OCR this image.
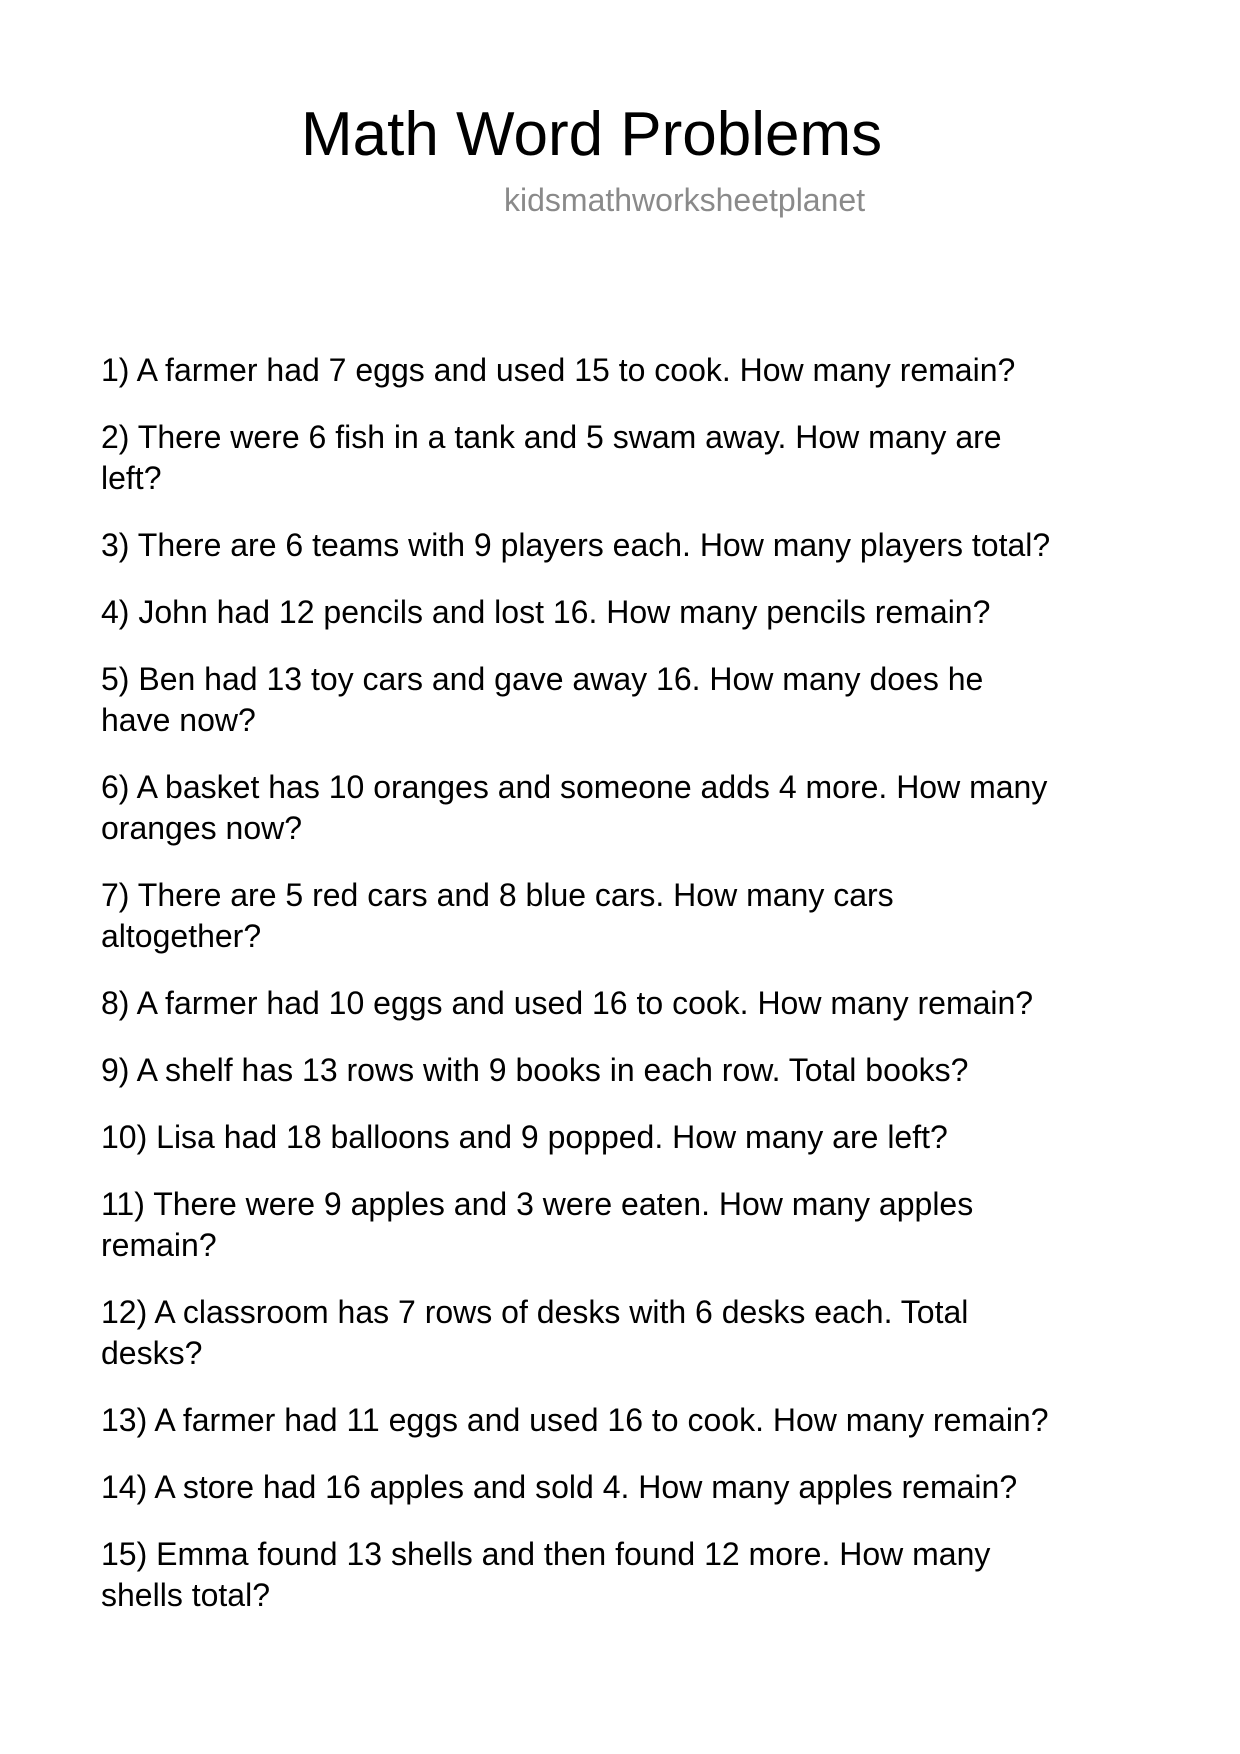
Math Word Problems
kidsmathworksheetplanet
1) A farmer had 7 eggs and used 15 to cook. How many remain?
2) There were 6 fish in a tank and 5 swam away. How many are
left?
3) There are 6 teams with 9 players each. How many players total?
4) John had 12 pencils and lost 16. How many pencils remain?
5) Ben had 13 toy cars and gave away 16. How many does he
have now?
6) A basket has 10 oranges and someone adds 4 more. How many
oranges now?
7) There are 5 red cars and 8 blue cars. How many cars
altogether?
8) A farmer had 10 eggs and used 16 to cook. How many remain?
9) A shelf has 13 rows with 9 books in each row. Total books?
10) Lisa had 18 balloons and 9 popped. How many are left?
11) There were 9 apples and 3 were eaten. How many apples
remain?
12) A classroom has 7 rows of desks with 6 desks each. Total
desks?
13) A farmer had 11 eggs and used 16 to cook. How many remain?
14) A store had 16 apples and sold 4. How many apples remain?
15) Emma found 13 shells and then found 12 more. How many
shells total?
